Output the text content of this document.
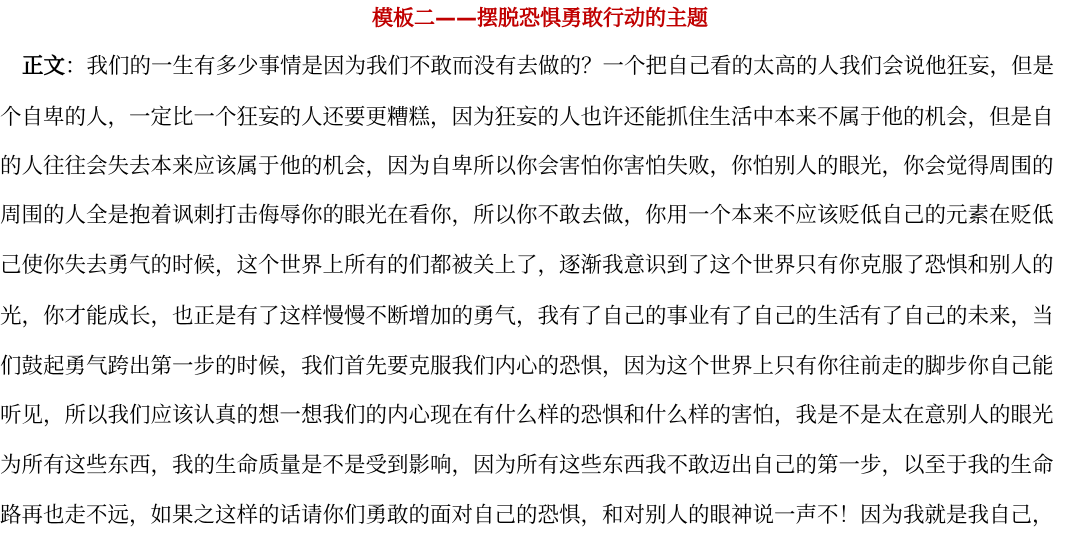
模板二——摆脱恐惧勇敢行动的主题
正文：我们的一生有多少事情是因为我们不敢而没有去做的？一个把自己看的太高的人我们会说他狂妄，但是
个自卑的人，一定比一个狂妄的人还要更糟糕，因为狂妄的人也许还能抓住生活中本来不属于他的机会，但是自
的人往往会失去本来应该属于他的机会，因为自卑所以你会害怕你害怕失败，你怕别人的眼光，你会觉得周围的
周围的人全是抱着讽刺打击侮辱你的眼光在看你，所以你不敢去做，你用一个本来不应该贬低自己的元素在贬低
己使你失去勇气的时候，这个世界上所有的们都被关上了，逐渐我意识到了这个世界只有你克服了恐惧和别人的
光，你才能成长，也正是有了这样慢慢不断增加的勇气，我有了自己的事业有了自己的生活有了自己的未来，当
们鼓起勇气跨出第一步的时候，我们首先要克服我们内心的恐惧，因为这个世界上只有你往前走的脚步你自己能
听见，所以我们应该认真的想一想我们的内心现在有什么样的恐惧和什么样的害怕，我是不是太在意别人的眼光
为所有这些东西，我的生命质量是不是受到影响，因为所有这些东西我不敢迈出自己的第一步，以至于我的生命
路再也走不远，如果之这样的话请你们勇敢的面对自己的恐惧，和对别人的眼神说一声不！因为我就是我自己，
